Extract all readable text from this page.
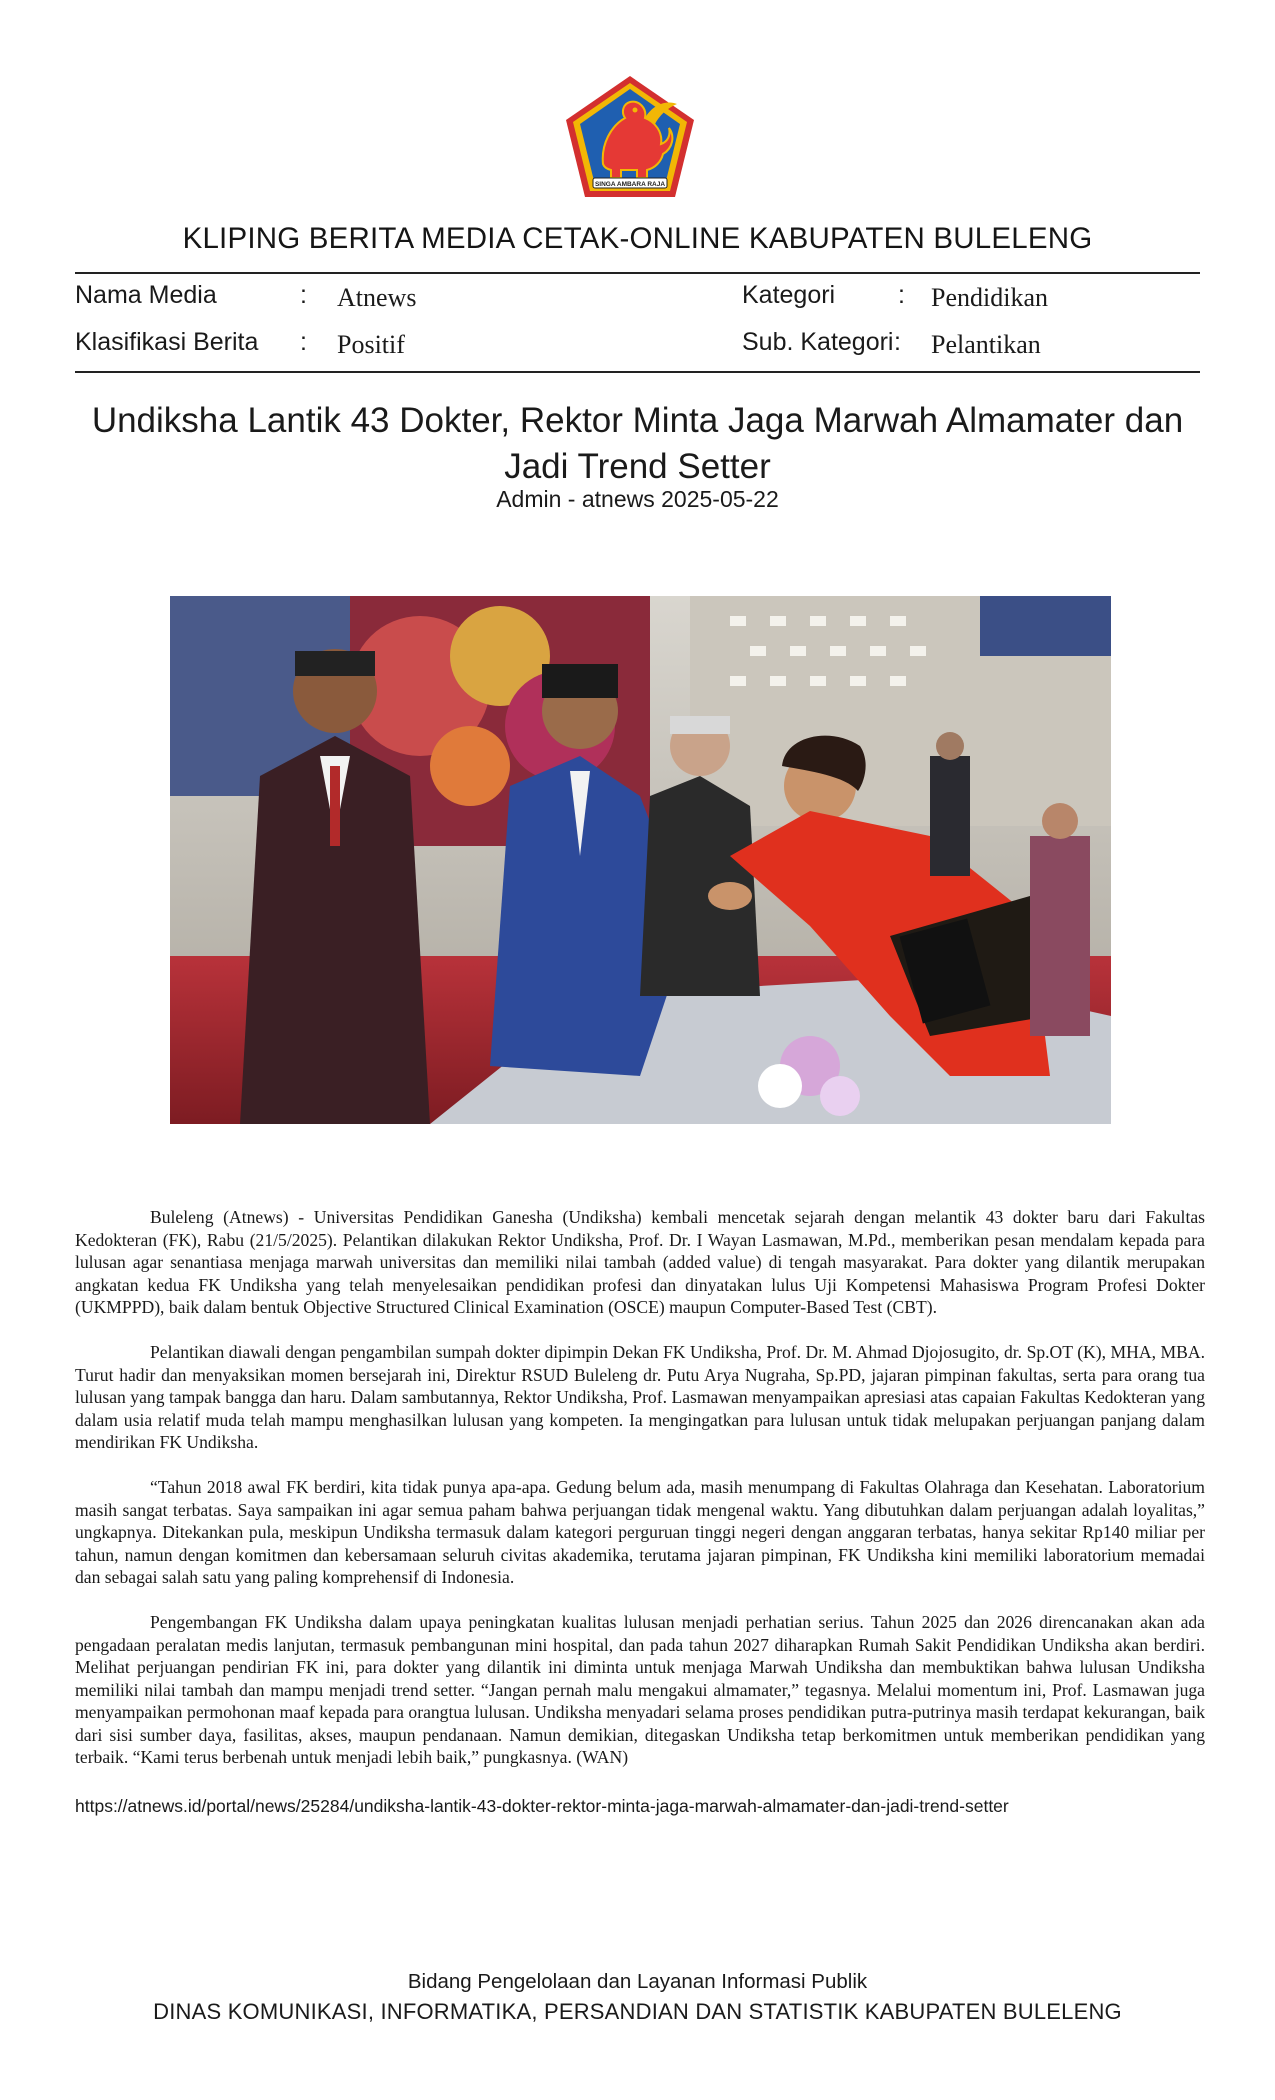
SINGA AMBARA RAJA
KLIPING BERITA MEDIA CETAK-ONLINE KABUPATEN BULELENG
Nama Media	: Atnews
Klasifikasi Berita : Positif
Kategori	: Pendidikan
Sub. Kategori : Pelantikan
Undiksha Lantik 43 Dokter, Rektor Minta Jaga Marwah Almamater dan Jadi Trend Setter
Admin - atnews 2025-05-22

Buleleng (Atnews) - Universitas Pendidikan Ganesha (Undiksha) kembali mencetak sejarah dengan melantik 43 dokter baru dari Fakultas Kedokteran (FK), Rabu (21/5/2025). Pelantikan dilakukan Rektor Undiksha, Prof. Dr. I Wayan Lasmawan, M.Pd., memberikan pesan mendalam kepada para lulusan agar senantiasa menjaga marwah universitas dan memiliki nilai tambah (added value) di tengah masyarakat. Para dokter yang dilantik merupakan angkatan kedua FK Undiksha yang telah menyelesaikan pendidikan profesi dan dinyatakan lulus Uji Kompetensi Mahasiswa Program Profesi Dokter (UKMPPD), baik dalam bentuk Objective Structured Clinical Examination (OSCE) maupun Computer-Based Test (CBT).

Pelantikan diawali dengan pengambilan sumpah dokter dipimpin Dekan FK Undiksha, Prof. Dr. M. Ahmad Djojosugito, dr. Sp.OT (K), MHA, MBA. Turut hadir dan menyaksikan momen bersejarah ini, Direktur RSUD Buleleng dr. Putu Arya Nugraha, Sp.PD, jajaran pimpinan fakultas, serta para orang tua lulusan yang tampak bangga dan haru. Dalam sambutannya, Rektor Undiksha, Prof. Lasmawan menyampaikan apresiasi atas capaian Fakultas Kedokteran yang dalam usia relatif muda telah mampu menghasilkan lulusan yang kompeten. Ia mengingatkan para lulusan untuk tidak melupakan perjuangan panjang dalam mendirikan FK Undiksha.

“Tahun 2018 awal FK berdiri, kita tidak punya apa-apa. Gedung belum ada, masih menumpang di Fakultas Olahraga dan Kesehatan. Laboratorium masih sangat terbatas. Saya sampaikan ini agar semua paham bahwa perjuangan tidak mengenal waktu. Yang dibutuhkan dalam perjuangan adalah loyalitas,” ungkapnya. Ditekankan pula, meskipun Undiksha termasuk dalam kategori perguruan tinggi negeri dengan anggaran terbatas, hanya sekitar Rp140 miliar per tahun, namun dengan komitmen dan kebersamaan seluruh civitas akademika, terutama jajaran pimpinan, FK Undiksha kini memiliki laboratorium memadai dan sebagai salah satu yang paling komprehensif di Indonesia.

Pengembangan FK Undiksha dalam upaya peningkatan kualitas lulusan menjadi perhatian serius. Tahun 2025 dan 2026 direncanakan akan ada pengadaan peralatan medis lanjutan, termasuk pembangunan mini hospital, dan pada tahun 2027 diharapkan Rumah Sakit Pendidikan Undiksha akan berdiri. Melihat perjuangan pendirian FK ini, para dokter yang dilantik ini diminta untuk menjaga Marwah Undiksha dan membuktikan bahwa lulusan Undiksha memiliki nilai tambah dan mampu menjadi trend setter. “Jangan pernah malu mengakui almamater,” tegasnya. Melalui momentum ini, Prof. Lasmawan juga menyampaikan permohonan maaf kepada para orangtua lulusan. Undiksha menyadari selama proses pendidikan putra-putrinya masih terdapat kekurangan, baik dari sisi sumber daya, fasilitas, akses, maupun pendanaan. Namun demikian, ditegaskan Undiksha tetap berkomitmen untuk memberikan pendidikan yang terbaik. “Kami terus berbenah untuk menjadi lebih baik,” pungkasnya. (WAN)

https://atnews.id/portal/news/25284/undiksha-lantik-43-dokter-rektor-minta-jaga-marwah-almamater-dan-jadi-trend-setter
Bidang Pengelolaan dan Layanan Informasi Publik
DINAS KOMUNIKASI, INFORMATIKA, PERSANDIAN DAN STATISTIK KABUPATEN BULELENG
